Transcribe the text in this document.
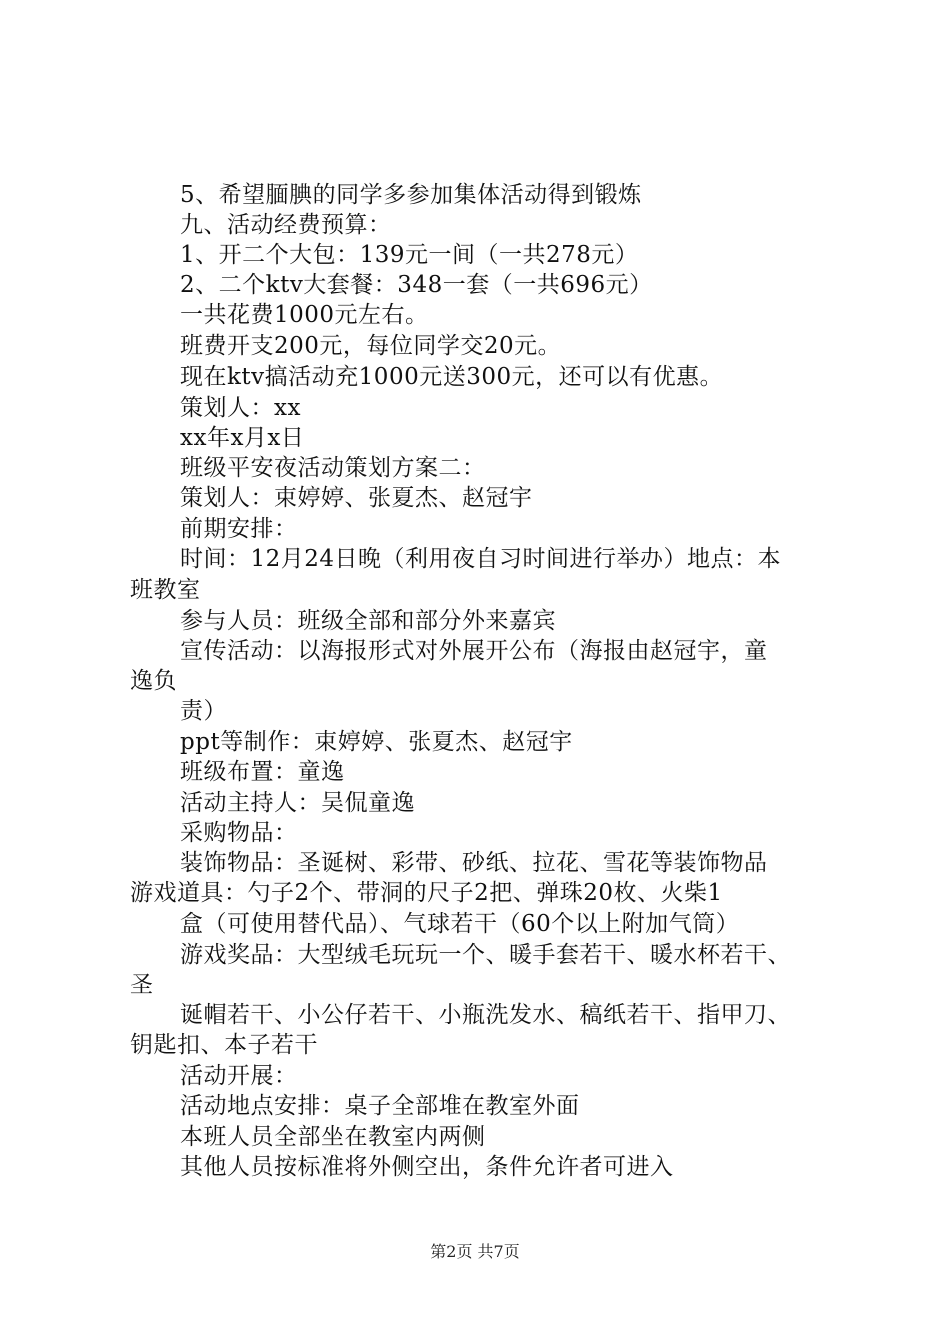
5、希望腼腆的同学多参加集体活动得到锻炼
九、活动经费预算：
1、开二个大包：139元一间（一共278元）
2、二个ktv大套餐：348一套（一共696元）
一共花费1000元左右。
班费开支200元，每位同学交20元。
现在ktv搞活动充1000元送300元，还可以有优惠。
策划人：xx
xx年x月x日
班级平安夜活动策划方案二：
策划人：束婷婷、张夏杰、赵冠宇
前期安排：
时间：12月24日晚（利用夜自习时间进行举办）地点：本
班教室
参与人员：班级全部和部分外来嘉宾
宣传活动：以海报形式对外展开公布（海报由赵冠宇，童
逸负
责）
ppt等制作：束婷婷、张夏杰、赵冠宇
班级布置：童逸
活动主持人：吴侃童逸
采购物品：
装饰物品：圣诞树、彩带、砂纸、拉花、雪花等装饰物品
游戏道具：勺子2个、带洞的尺子2把、弹珠20枚、火柴1
盒（可使用替代品）、气球若干（60个以上附加气筒）
游戏奖品：大型绒毛玩玩一个、暖手套若干、暖水杯若干、
圣
诞帽若干、小公仔若干、小瓶洗发水、稿纸若干、指甲刀、
钥匙扣、本子若干
活动开展：
活动地点安排：桌子全部堆在教室外面
本班人员全部坐在教室内两侧
其他人员按标准将外侧空出，条件允许者可进入
第2页 共7页
